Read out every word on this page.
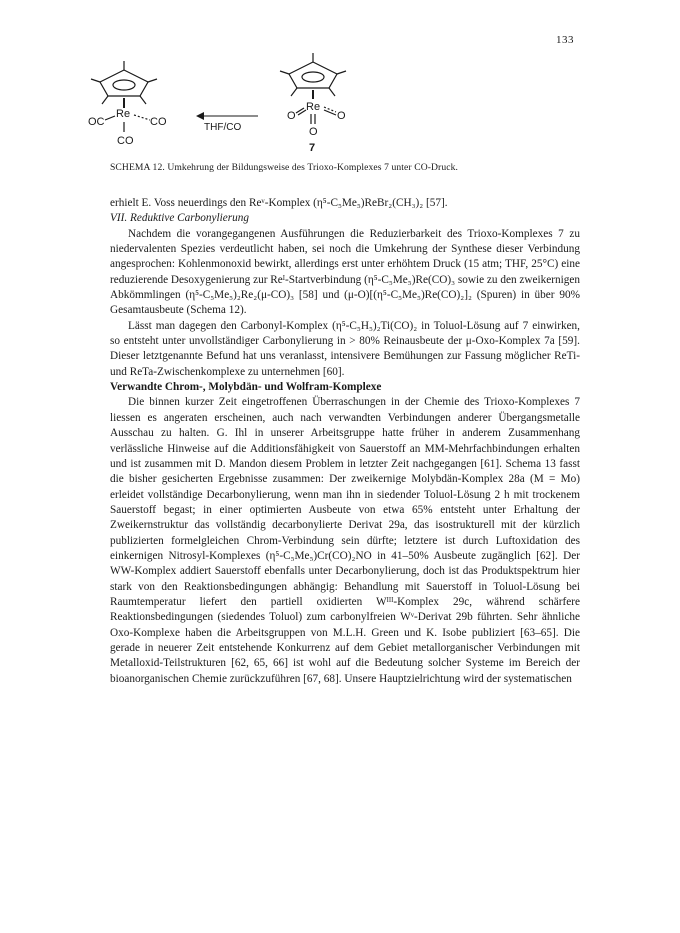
133
Re
OC	CO
CO
THF/CO
Re
O	O
O
7
SCHEMA 12. Umkehrung der Bildungsweise des Trioxo-Komplexes 7 unter CO-Druck.

erhielt E. Voss neuerdings den Reᵛ-Komplex (η⁵-C₅Me₅)ReBr₂(CH₃)₂ [57].

VII. Reduktive Carbonylierung

Nachdem die vorangegangenen Ausführungen die Reduzierbarkeit des Trioxo-Komplexes 7 zu niedervalenten Spezies verdeutlicht haben, sei noch die Umkehrung der Synthese dieser Verbindung angesprochen: Kohlenmonoxid bewirkt, allerdings erst unter erhöhtem Druck (15 atm; THF, 25°C) eine reduzierende Desoxygenierung zur Reᴵ-Startverbindung (η⁵-C₅Me₅)Re(CO)₃ sowie zu den zweikernigen Abkömmlingen (η⁵-C₅Me₅)₂Re₂(μ-CO)₃ [58] und (μ-O)[(η⁵-C₅Me₅)Re(CO)₂]₂ (Spuren) in über 90% Gesamtausbeute (Schema 12).

Lässt man dagegen den Carbonyl-Komplex (η⁵-C₅H₅)₂Ti(CO)₂ in Toluol-Lösung auf 7 einwirken, so entsteht unter unvollständiger Carbonylierung in > 80% Reinausbeute der μ-Oxo-Komplex 7a [59]. Dieser letztgenannte Befund hat uns veranlasst, intensivere Bemühungen zur Fassung möglicher ReTi- und ReTa-Zwischenkomplexe zu unternehmen [60].

Verwandte Chrom-, Molybdän- und Wolfram-Komplexe

Die binnen kurzer Zeit eingetroffenen Überraschungen in der Chemie des Trioxo-Komplexes 7 liessen es angeraten erscheinen, auch nach verwandten Verbindungen anderer Übergangsmetalle Ausschau zu halten. G. Ihl in unserer Arbeitsgruppe hatte früher in anderem Zusammenhang verlässliche Hinweise auf die Additionsfähigkeit von Sauerstoff an MM-Mehrfachbindungen erhalten und ist zusammen mit D. Mandon diesem Problem in letzter Zeit nachgegangen [61]. Schema 13 fasst die bisher gesicherten Ergebnisse zusammen: Der zweikernige Molybdän-Komplex 28a (M = Mo) erleidet vollständige Decarbonylierung, wenn man ihn in siedender Toluol-Lösung 2 h mit trockenem Sauerstoff begast; in einer optimierten Ausbeute von etwa 65% entsteht unter Erhaltung der Zweikernstruktur das vollständig decarbonylierte Derivat 29a, das isostrukturell mit der kürzlich publizierten formelgleichen Chrom-Verbindung sein dürfte; letztere ist durch Luftoxidation des einkernigen Nitrosyl-Komplexes (η⁵-C₅Me₅)Cr(CO)₂NO in 41–50% Ausbeute zugänglich [62]. Der WW-Komplex addiert Sauerstoff ebenfalls unter Decarbonylierung, doch ist das Produktspektrum hier stark von den Reaktionsbedingungen abhängig: Behandlung mit Sauerstoff in Toluol-Lösung bei Raumtemperatur liefert den partiell oxidierten Wᴵᴵᴵ-Komplex 29c, während schärfere Reaktionsbedingungen (siedendes Toluol) zum carbonylfreien Wᵛ-Derivat 29b führten. Sehr ähnliche Oxo-Komplexe haben die Arbeitsgruppen von M.L.H. Green und K. Isobe publiziert [63–65]. Die gerade in neuerer Zeit entstehende Konkurrenz auf dem Gebiet metallorganischer Verbindungen mit Metalloxid-Teilstrukturen [62, 65, 66] ist wohl auf die Bedeutung solcher Systeme im Bereich der bioanorganischen Chemie zurückzuführen [67, 68]. Unsere Hauptzielrichtung wird der systematischen
